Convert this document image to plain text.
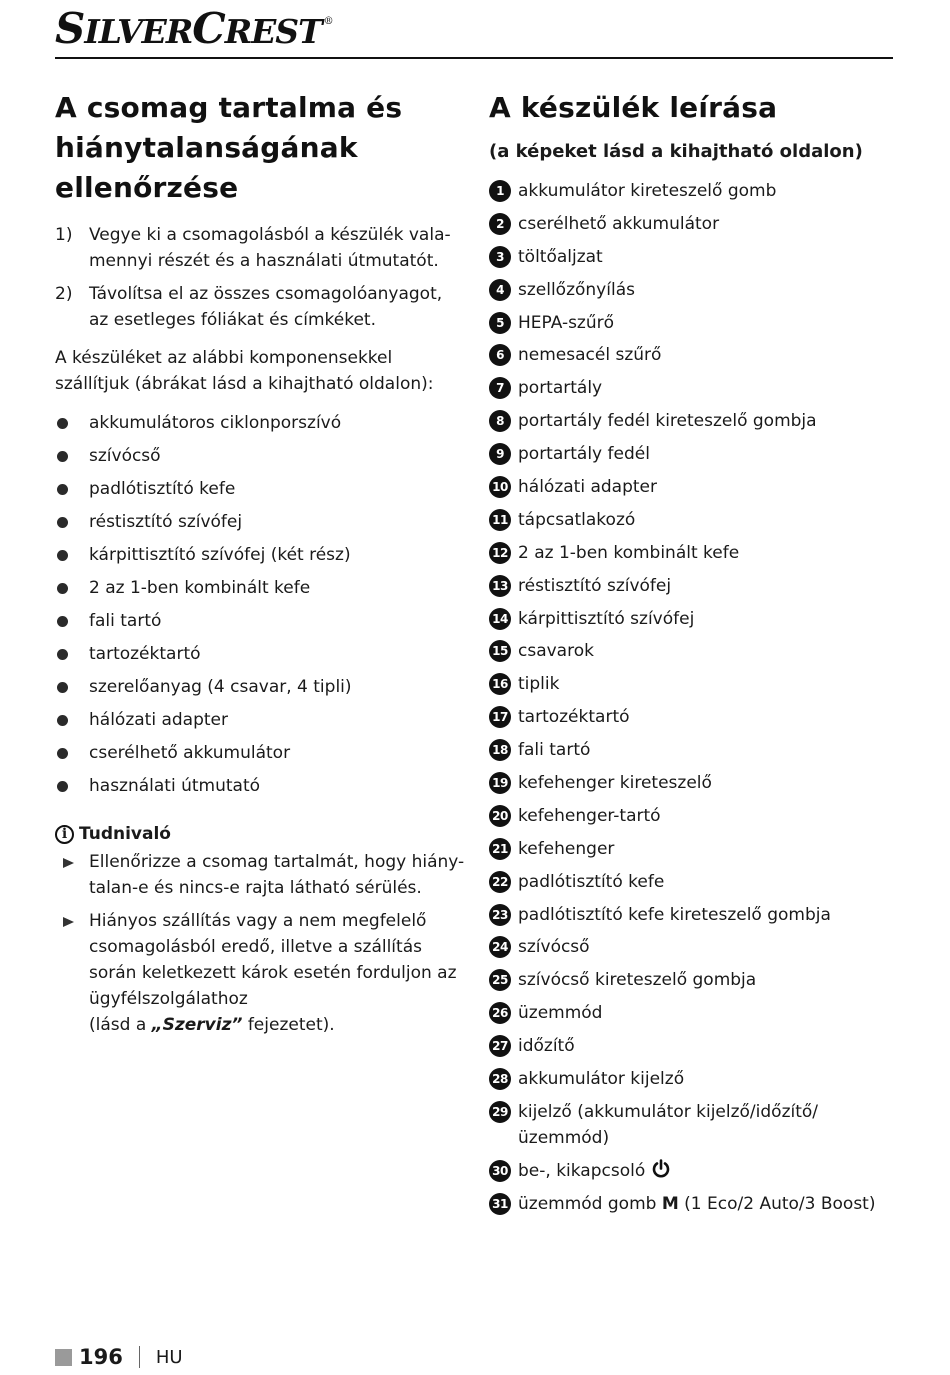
SILVERCREST ®
A csomag tartalma és
hiánytalanságának
ellenőrzése
1) Vegye ki a csomagolásból a készülék vala-mennyi részét és a használati útmutatót.
2) Távolítsa el az összes csomagolóanyagot, az esetleges fóliákat és címkéket.

A készüléket az alábbi komponensekkel szállítjuk (ábrákat lásd a kihajtható oldalon):

akkumulátoros ciklonporszívó
szívócső
padlótisztító kefe
réstisztító szívófej
kárpittisztító szívófej (két rész)
2 az 1-ben kombinált kefe
fali tartó
tartozéktartó
szerelőanyag (4 csavar, 4 tipli)
hálózati adapter
cserélhető akkumulátor
használati útmutató
i Tudnivaló
Ellenőrizze a csomag tartalmát, hogy hiány-talan-e és nincs-e rajta látható sérülés.
Hiányos szállítás vagy a nem megfelelő csomagolásból eredő, illetve a szállítás során keletkezett károk esetén forduljon az ügyfélszolgálathoz
(lásd a „Szerviz” fejezetet).
A készülék leírása
(a képeket lásd a kihajtható oldalon)
1 akkumulátor kireteszelő gomb
2 cserélhető akkumulátor
3 töltőaljzat
4 szellőzőnyílás
5 HEPA-szűrő
6 nemesacél szűrő
7 portartály
8 portartály fedél kireteszelő gombja
9 portartály fedél
10 hálózati adapter
11 tápcsatlakozó
12 2 az 1-ben kombinált kefe
13 réstisztító szívófej
14 kárpittisztító szívófej
15 csavarok
16 tiplik
17 tartozéktartó
18 fali tartó
19 kefehenger kireteszelő
20 kefehenger-tartó
21 kefehenger
22 padlótisztító kefe
23 padlótisztító kefe kireteszelő gombja
24 szívócső
25 szívócső kireteszelő gombja
26 üzemmód
27 időzítő
28 akkumulátor kijelző
29 kijelző (akkumulátor kijelző/időzítő/ üzemmód)
30 be-, kikapcsoló
31 üzemmód gomb M (1 Eco/2 Auto/3 Boost)
196 HU
